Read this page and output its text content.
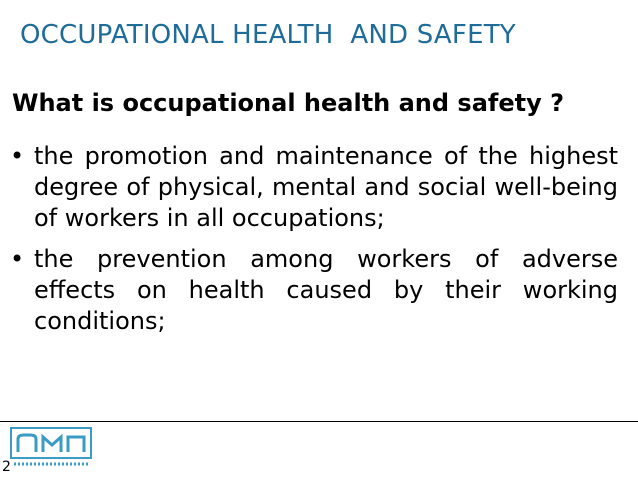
OCCUPATIONAL HEALTH  AND SAFETY
What is occupational health and safety ?
• the promotion and maintenance of the highest degree of physical, mental and social well-being of workers in all occupations;
• the prevention among workers of adverse effects on health caused by their working conditions;
2
